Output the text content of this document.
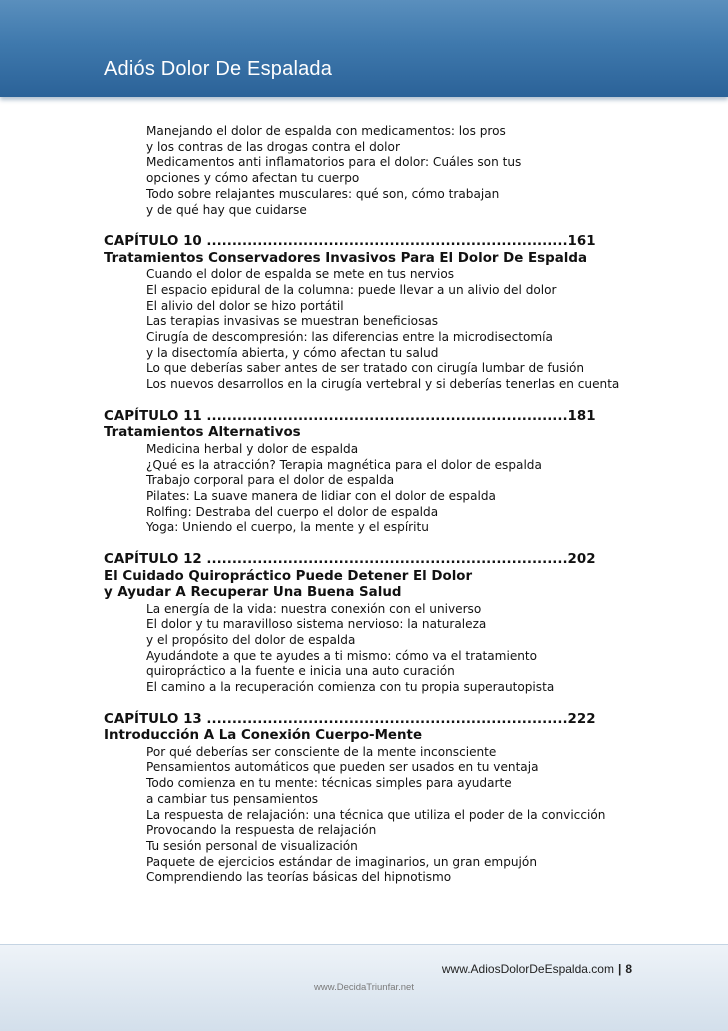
Adiós Dolor De Espalada
Manejando el dolor de espalda con medicamentos: los pros
y los contras de las drogas contra el dolor
Medicamentos anti inflamatorios para el dolor: Cuáles son tus
opciones y cómo afectan tu cuerpo
Todo sobre relajantes musculares: qué son, cómo trabajan
y de qué hay que cuidarse
CAPÍTULO 10 .......................................................................161
Tratamientos Conservadores Invasivos Para El Dolor De Espalda
Cuando el dolor de espalda se mete en tus nervios
El espacio epidural de la columna: puede llevar a un alivio del dolor
El alivio del dolor se hizo portátil
Las terapias invasivas se muestran beneficiosas
Cirugía de descompresión: las diferencias entre la microdisectomía
y la disectomía abierta, y cómo afectan tu salud
Lo que deberías saber antes de ser tratado con cirugía lumbar de fusión
Los nuevos desarrollos en la cirugía vertebral y si deberías tenerlas en cuenta
CAPÍTULO 11 .......................................................................181
Tratamientos Alternativos
Medicina herbal y dolor de espalda
¿Qué es la atracción? Terapia magnética para el dolor de espalda
Trabajo corporal para el dolor de espalda
Pilates: La suave manera de lidiar con el dolor de espalda
Rolfing: Destraba del cuerpo el dolor de espalda
Yoga: Uniendo el cuerpo, la mente y el espíritu
CAPÍTULO 12 .......................................................................202
El Cuidado Quiropráctico Puede Detener El Dolor
y Ayudar A Recuperar Una Buena Salud
La energía de la vida: nuestra conexión con el universo
El dolor y tu maravilloso sistema nervioso: la naturaleza
y el propósito del dolor de espalda
Ayudándote a que te ayudes a ti mismo: cómo va el tratamiento
quiropráctico a la fuente e inicia una auto curación
El camino a la recuperación comienza con tu propia superautopista
CAPÍTULO 13 .......................................................................222
Introducción A La Conexión Cuerpo-Mente
Por qué deberías ser consciente de la mente inconsciente
Pensamientos automáticos que pueden ser usados en tu ventaja
Todo comienza en tu mente: técnicas simples para ayudarte
a cambiar tus pensamientos
La respuesta de relajación: una técnica que utiliza el poder de la convicción
Provocando la respuesta de relajación
Tu sesión personal de visualización
Paquete de ejercicios estándar de imaginarios, un gran empujón
Comprendiendo las teorías básicas del hipnotismo
www.AdiosDolorDeEspalda.com | 8
www.DecidaTriunfar.net
